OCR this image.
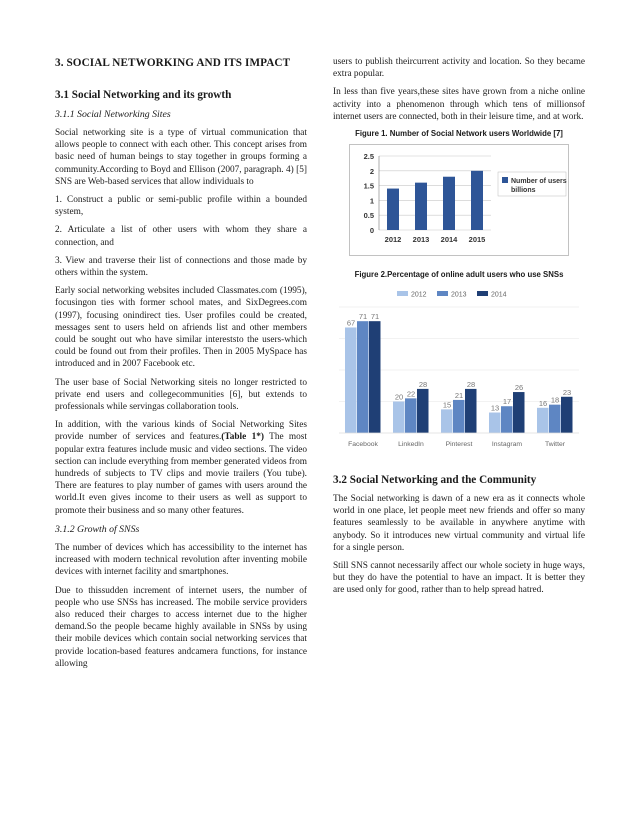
3. SOCIAL NETWORKING AND ITS IMPACT
3.1 Social Networking and its growth
3.1.1 Social Networking Sites

Social networking site is a type of virtual communication that allows people to connect with each other. This concept arises from basic need of human beings to stay together in groups forming a community.According to Boyd and Ellison (2007, paragraph. 4) [5] SNS are Web-based services that allow individuals to

1. Construct a public or semi-public profile within a bounded system,

2. Articulate a list of other users with whom they share a connection, and

3. View and traverse their list of connections and those made by others within the system.

Early social networking websites included Classmates.com (1995), focusingon ties with former school mates, and SixDegrees.com (1997), focusing onindirect ties. User profiles could be created, messages sent to users held on afriends list and other members could be sought out who have similar intereststo the users-which could be found out from their profiles. Then in 2005 MySpace has introduced and in 2007 Facebook etc.

The user base of Social Networking siteis no longer restricted to private end users and collegecommunities [6], but extends to professionals while servingas collaboration tools.

In addition, with the various kinds of Social Networking Sites provide number of services and features.(Table 1*) The most popular extra features include music and video sections. The video section can include everything from member generated videos from hundreds of subjects to TV clips and movie trailers (You tube). There are features to play number of games with users around the world.It even gives income to their users as well as support to promote their business and so many other features.

3.1.2 Growth of SNSs

The number of devices which has accessibility to the internet has increased with modern technical revolution after inventing mobile devices with internet facility and smartphones.

Due to thissudden increment of internet users, the number of people who use SNSs has increased. The mobile service providers also reduced their charges to access internet due to the higher demand.So the people became highly available in SNSs by using their mobile devices which contain social networking services that provide location-based features andcamera functions, for instance allowing

users to publish theircurrent activity and location. So they became extra popular.

In less than five years,these sites have grown from a niche online activity into a phenomenon through which tens of millionsof internet users are connected, both in their leisure time, and at work.

Figure 1. Number of Social Network users Worldwide [7]
0
0.5
1
1.5
2
2.5
2012 2013 2014 2015
Number of users in
billions
Figure 2.Percentage of online adult users who use SNSs
2012	2013	2014
67
71 71
Facebook
20 22
28
LinkedIn
15
21
28
Pinterest
13
17
26
Instagram
16 18
23
Twitter
3.2 Social Networking and the Community

The Social networking is dawn of a new era as it connects whole world in one place, let people meet new friends and offer so many features seamlessly to be available in anywhere anytime with anybody. So it introduces new virtual community and virtual life for a single person.

Still SNS cannot necessarily affect our whole society in huge ways, but they do have the potential to have an impact. It is better they are used only for good, rather than to help spread hatred.
